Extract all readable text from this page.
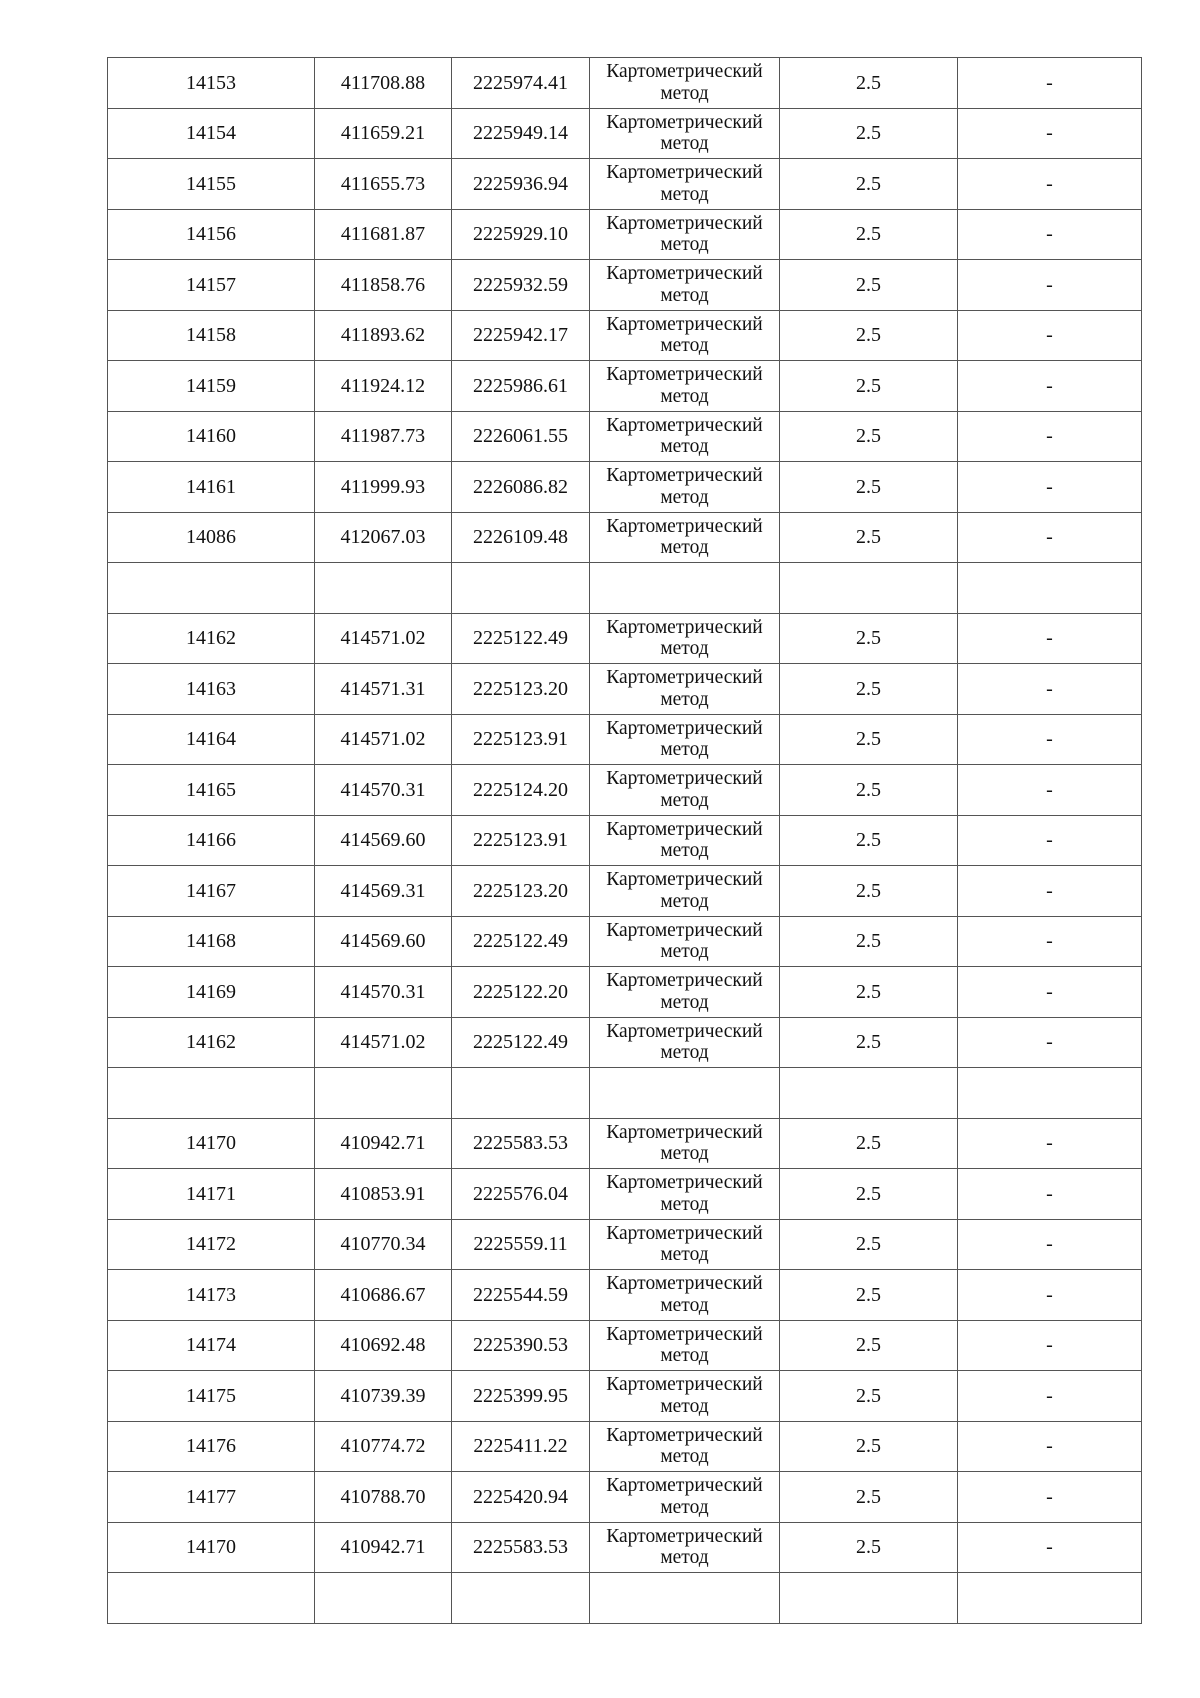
14153	411708.88	2225974.41	Картометрический метод	2.5	-
14154	411659.21	2225949.14	Картометрический метод	2.5	-
14155	411655.73	2225936.94	Картометрический метод	2.5	-
14156	411681.87	2225929.10	Картометрический метод	2.5	-
14157	411858.76	2225932.59	Картометрический метод	2.5	-
14158	411893.62	2225942.17	Картометрический метод	2.5	-
14159	411924.12	2225986.61	Картометрический метод	2.5	-
14160	411987.73	2226061.55	Картометрический метод	2.5	-
14161	411999.93	2226086.82	Картометрический метод	2.5	-
14086	412067.03	2226109.48	Картометрический метод	2.5	-

14162	414571.02	2225122.49	Картометрический метод	2.5	-
14163	414571.31	2225123.20	Картометрический метод	2.5	-
14164	414571.02	2225123.91	Картометрический метод	2.5	-
14165	414570.31	2225124.20	Картометрический метод	2.5	-
14166	414569.60	2225123.91	Картометрический метод	2.5	-
14167	414569.31	2225123.20	Картометрический метод	2.5	-
14168	414569.60	2225122.49	Картометрический метод	2.5	-
14169	414570.31	2225122.20	Картометрический метод	2.5	-
14162	414571.02	2225122.49	Картометрический метод	2.5	-

14170	410942.71	2225583.53	Картометрический метод	2.5	-
14171	410853.91	2225576.04	Картометрический метод	2.5	-
14172	410770.34	2225559.11	Картометрический метод	2.5	-
14173	410686.67	2225544.59	Картометрический метод	2.5	-
14174	410692.48	2225390.53	Картометрический метод	2.5	-
14175	410739.39	2225399.95	Картометрический метод	2.5	-
14176	410774.72	2225411.22	Картометрический метод	2.5	-
14177	410788.70	2225420.94	Картометрический метод	2.5	-
14170	410942.71	2225583.53	Картометрический метод	2.5	-
